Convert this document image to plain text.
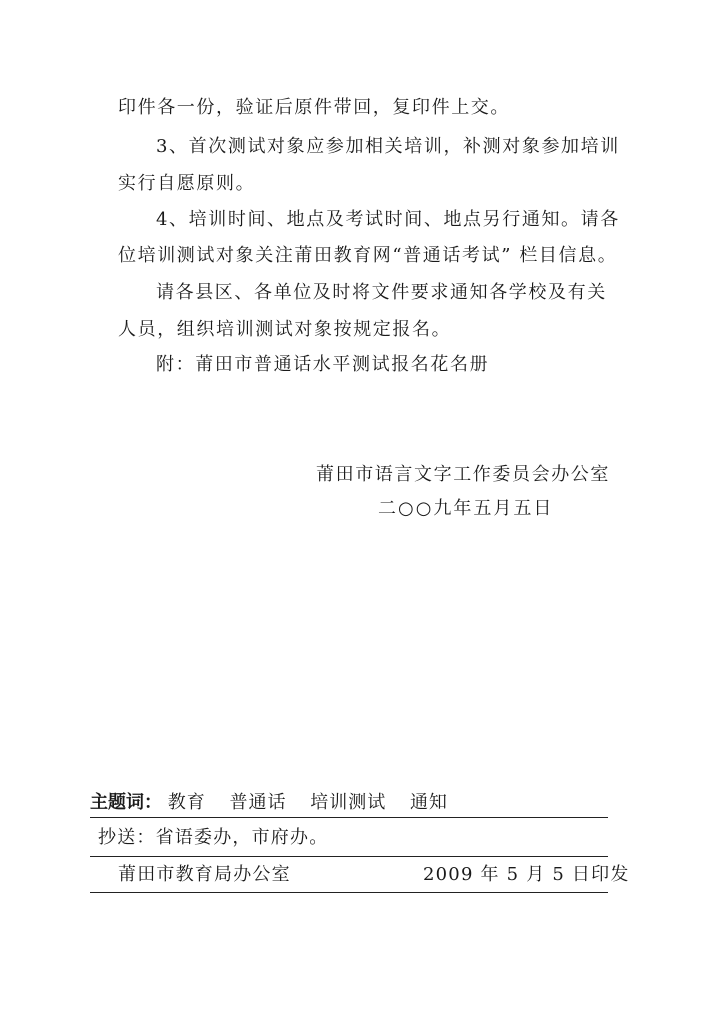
印件各一份，验证后原件带回，复印件上交。
3、首次测试对象应参加相关培训，补测对象参加培训
实行自愿原则。
4、培训时间、地点及考试时间、地点另行通知。请各
位培训测试对象关注莆田教育网“普通话考试” 栏目信息。
请各县区、各单位及时将文件要求通知各学校及有关
人员，组织培训测试对象按规定报名。
附：莆田市普通话水平测试报名花名册
莆田市语言文字工作委员会办公室
二○○九年五月五日
主题词： 教育 普通话 培训测试 通知
抄送：省语委办，市府办。
莆田市教育局办公室	2009 年 5 月 5 日印发
